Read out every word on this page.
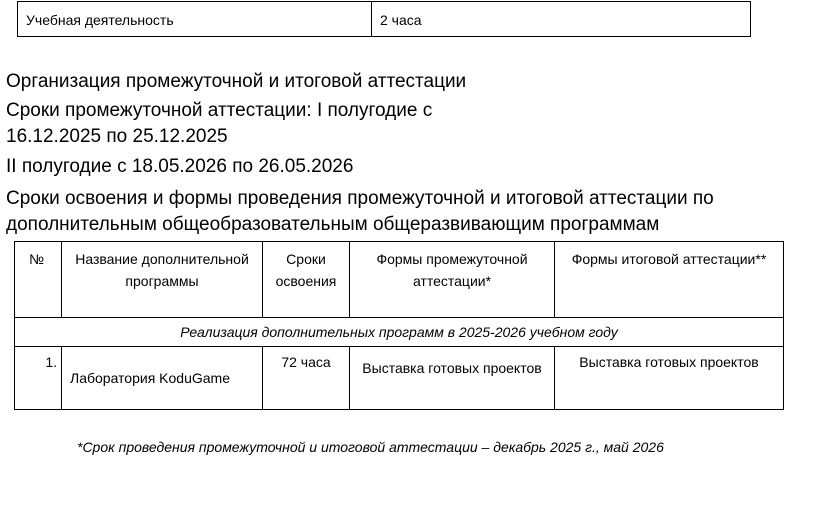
Учебная деятельность	2 часа
Организация промежуточной и итоговой аттестации
Сроки промежуточной аттестации: I полугодие с
16.12.2025 по 25.12.2025
II полугодие с 18.05.2026 по 26.05.2026
Сроки освоения и формы проведения промежуточной и итоговой аттестации по
дополнительным общеобразовательным общеразвивающим программам
№	Название дополнительной программы	Сроки освоения	Формы промежуточной аттестации*	Формы итоговой аттестации**
Реализация дополнительных программ в 2025-2026 учебном году				
1.	Лаборатория KoduGame	72 часа	Выставка готовых проектов	Выставка готовых проектов
*Срок проведения промежуточной и итоговой аттестации – декабрь 2025 г., май 2026
